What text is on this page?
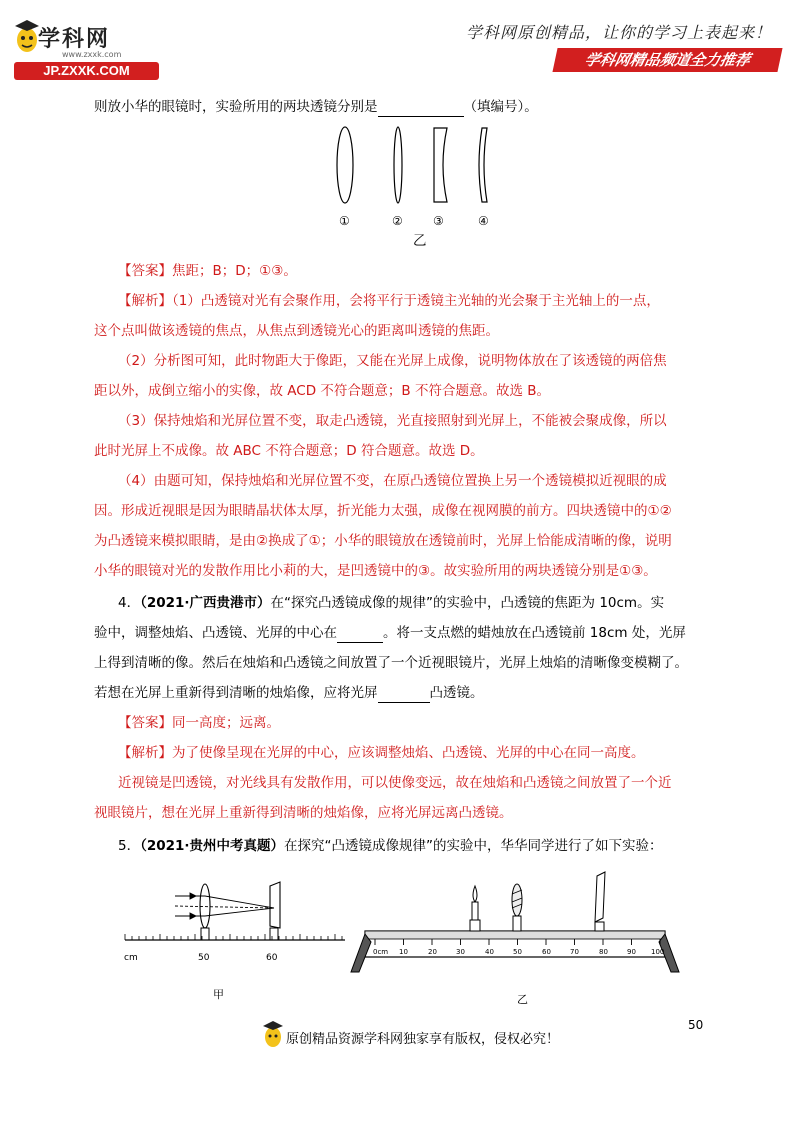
学科网
www.zxxk.com
JP.ZXXK.COM
学科网原创精品，让你的学习上表起来！
学科网精品频道全力推荐
则放小华的眼镜时，实验所用的两块透镜分别是	（填编号）。
①	②	③	④
乙
【答案】焦距；B；D；①③。
【解析】（1）凸透镜对光有会聚作用，会将平行于透镜主光轴的光会聚于主光轴上的一点，
这个点叫做该透镜的焦点，从焦点到透镜光心的距离叫透镜的焦距。
（2）分析图可知，此时物距大于像距，又能在光屏上成像，说明物体放在了该透镜的两倍焦
距以外，成倒立缩小的实像，故 ACD 不符合题意；B 不符合题意。故选 B。
（3）保持烛焰和光屏位置不变，取走凸透镜，光直接照射到光屏上，不能被会聚成像，所以
此时光屏上不成像。故 ABC 不符合题意；D 符合题意。故选 D。
（4）由题可知，保持烛焰和光屏位置不变，在原凸透镜位置换上另一个透镜模拟近视眼的成
因。形成近视眼是因为眼睛晶状体太厚，折光能力太强，成像在视网膜的前方。四块透镜中的①②
为凸透镜来模拟眼睛，是由②换成了①；小华的眼镜放在透镜前时，光屏上恰能成清晰的像，说明
小华的眼镜对光的发散作用比小莉的大，是凹透镜中的③。故实验所用的两块透镜分别是①③。
4．（2021·广西贵港市）在“探究凸透镜成像的规律”的实验中，凸透镜的焦距为 10cm。实
验中，调整烛焰、凸透镜、光屏的中心在	。将一支点燃的蜡烛放在凸透镜前 18cm 处，光屏
上得到清晰的像。然后在烛焰和凸透镜之间放置了一个近视眼镜片，光屏上烛焰的清晰像变模糊了。
若想在光屏上重新得到清晰的烛焰像，应将光屏	凸透镜。
【答案】同一高度；远离。
【解析】为了使像呈现在光屏的中心，应该调整烛焰、凸透镜、光屏的中心在同一高度。
近视镜是凹透镜，对光线具有发散作用，可以使像变远，故在烛焰和凸透镜之间放置了一个近
视眼镜片，想在光屏上重新得到清晰的烛焰像，应将光屏远离凸透镜。
5．（2021·贵州中考真题）在探究“凸透镜成像规律”的实验中，华华同学进行了如下实验：
cm	50	60
甲
0cm 10	20	30	40	50	60	70	80	90 100
乙
50
原创精品资源学科网独家享有版权，侵权必究！
